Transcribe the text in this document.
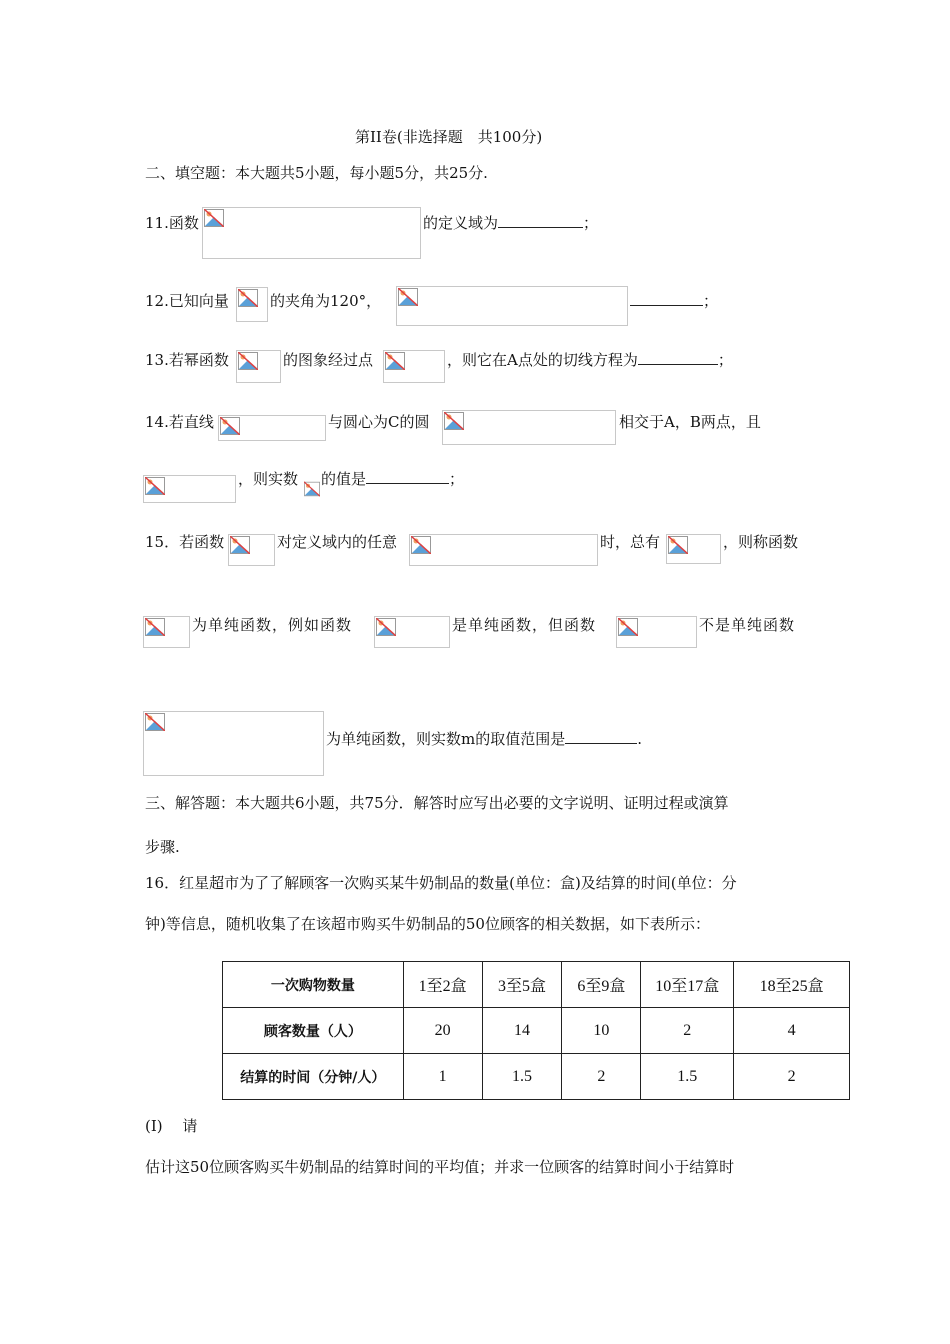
第II卷(非选择题　共100分)
二、填空题：本大题共5小题，每小题5分，共25分.
11.函数	的定义域为	；
12.已知向量	的夹角为120°，	；
13.若幂函数	的图象经过点	，则它在A点处的切线方程为	；
14.若直线	与圆心为C的圆	相交于A，B两点，且
，则实数 的值是	；
15．若函数	对定义域内的任意	时，总有	，则称函数
为单纯函数，例如函数	是单纯函数，但函数	不是单纯函数
为单纯函数，则实数m的取值范围是	.
三、解答题：本大题共6小题，共75分．解答时应写出必要的文字说明、证明过程或演算
步骤.
16．红星超市为了了解顾客一次购买某牛奶制品的数量(单位：盒)及结算的时间(单位：分
钟)等信息，随机收集了在该超市购买牛奶制品的50位顾客的相关数据，如下表所示：
一次购物数量	1至2盒	3至5盒	6至9盒	10至17盒	18至25盒
顾客数量（人）	20	14	10	2	4
结算的时间（分钟/人）	1	1.5	2	1.5	2
(I)　 请
估计这50位顾客购买牛奶制品的结算时间的平均值；并求一位顾客的结算时间小于结算时
